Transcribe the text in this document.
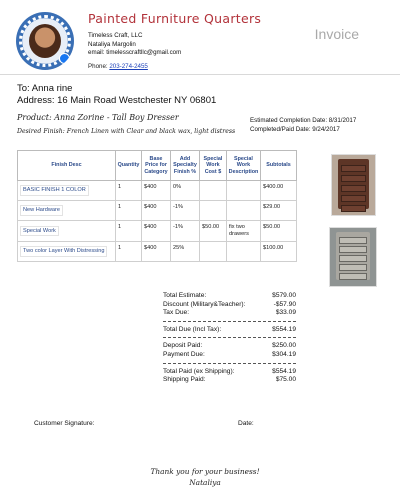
Painted Furniture Quarters
Timeless Craft, LLC
Nataliya Margolin
email: timelesscraftllc@gmail.com
Phone: 203-274-2455
Invoice
To: Anna rine
Address: 16 Main Road Westchester NY 06801
Product: Anna Zorine - Tall Boy Dresser
Desired Finish: French Linen with Clear and black wax, light distress
Estimated Completion Date: 8/31/2017
Completed/Paid Date: 9/24/2017
Finish Desc	Quantity	Base Price for Category	Add Specialty Finish %	Special Work Cost $	Special Work Description	Subtotals
BASIC FINISH 1 COLOR	1	$400	0%			$400.00
New Hardware	1	$400	-1%			$29.00
Special Work	1	$400	-1%	$50.00	fix two drawers	$50.00
Two color Layer With Distressing	1	$400	25%			$100.00
Total Estimate:	$579.00
Discount (Military&Teacher):	-$57.90
Tax Due:	$33.09
Total Due (Incl Tax):	$554.19
Deposit Paid:	$250.00
Payment Due:	$304.19
Total Paid (ex Shipping):	$554.19
Shipping Paid:	$75.00
Customer Signature:	Date:
Thank you for your business!
Nataliya
